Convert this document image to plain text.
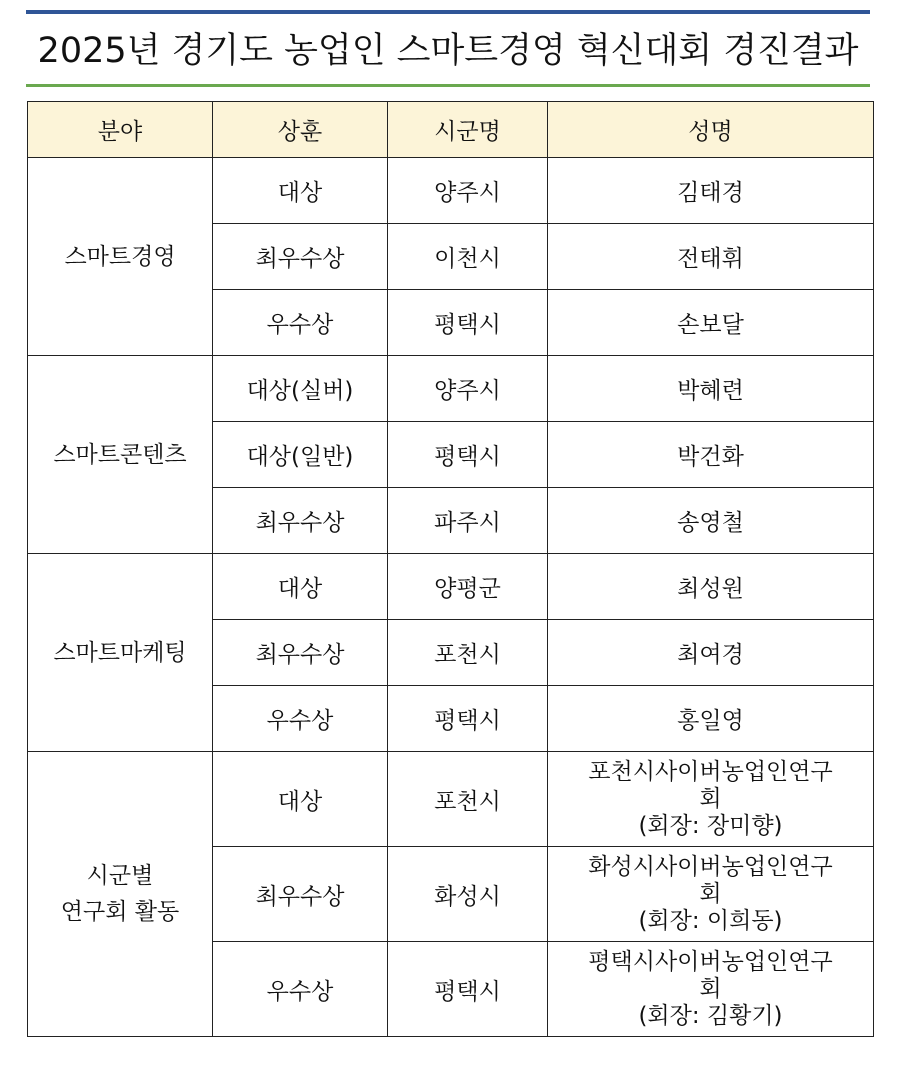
2025년 경기도 농업인 스마트경영 혁신대회 경진결과
분야	상훈	시군명	성명

스마트경영	대상	양주시	김태경
	최우수상	이천시	전태휘
	우수상	평택시	손보달

스마트콘텐츠	대상(실버)	양주시	박혜련
	대상(일반)	평택시	박건화
	최우수상	파주시	송영철

스마트마케팅	대상	양평군	최성원
	최우수상	포천시	최여경
	우수상	평택시	홍일영

시군별
연구회 활동	대상	포천시	포천시사이버농업인연구
회
(회장: 장미향)

	최우수상	화성시	화성시사이버농업인연구
회
(회장: 이희동)

	우수상	평택시	평택시사이버농업인연구
회
(회장: 김황기)
